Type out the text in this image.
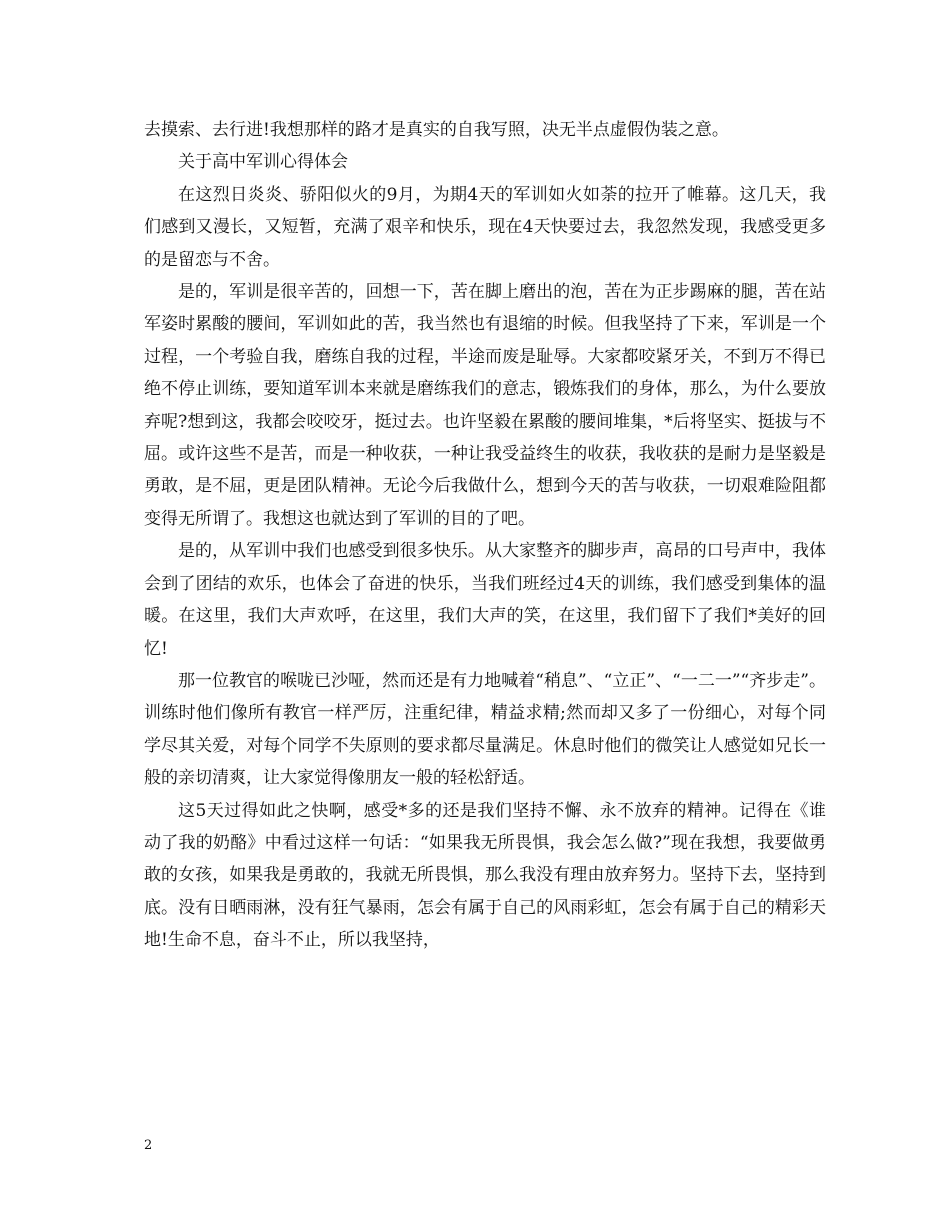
去摸索、去行进!我想那样的路才是真实的自我写照，决无半点虚假伪装之意。

关于高中军训心得体会

在这烈日炎炎、骄阳似火的9月，为期4天的军训如火如荼的拉开了帷幕。这几天，我们感到又漫长，又短暂，充满了艰辛和快乐，现在4天快要过去，我忽然发现，我感受更多的是留恋与不舍。

是的，军训是很辛苦的，回想一下，苦在脚上磨出的泡，苦在为正步踢麻的腿，苦在站军姿时累酸的腰间，军训如此的苦，我当然也有退缩的时候。但我坚持了下来，军训是一个过程，一个考验自我，磨练自我的过程，半途而废是耻辱。大家都咬紧牙关，不到万不得已绝不停止训练，要知道军训本来就是磨练我们的意志，锻炼我们的身体，那么，为什么要放弃呢?想到这，我都会咬咬牙，挺过去。也许坚毅在累酸的腰间堆集，*后将坚实、挺拔与不屈。或许这些不是苦，而是一种收获，一种让我受益终生的收获，我收获的是耐力是坚毅是勇敢，是不屈，更是团队精神。无论今后我做什么，想到今天的苦与收获，一切艰难险阻都变得无所谓了。我想这也就达到了军训的目的了吧。

是的，从军训中我们也感受到很多快乐。从大家整齐的脚步声，高昂的口号声中，我体会到了团结的欢乐，也体会了奋进的快乐，当我们班经过4天的训练，我们感受到集体的温暖。在这里，我们大声欢呼，在这里，我们大声的笑，在这里，我们留下了我们*美好的回忆!

那一位教官的喉咙已沙哑，然而还是有力地喊着“稍息”、“立正”、“一二一”“齐步走”。训练时他们像所有教官一样严厉，注重纪律，精益求精;然而却又多了一份细心，对每个同学尽其关爱，对每个同学不失原则的要求都尽量满足。休息时他们的微笑让人感觉如兄长一般的亲切清爽，让大家觉得像朋友一般的轻松舒适。

这5天过得如此之快啊，感受*多的还是我们坚持不懈、永不放弃的精神。记得在《谁动了我的奶酪》中看过这样一句话：“如果我无所畏惧，我会怎么做?”现在我想，我要做勇敢的女孩，如果我是勇敢的，我就无所畏惧，那么我没有理由放弃努力。坚持下去，坚持到底。没有日晒雨淋，没有狂气暴雨，怎会有属于自己的风雨彩虹，怎会有属于自己的精彩天地!生命不息，奋斗不止，所以我坚持，

2
